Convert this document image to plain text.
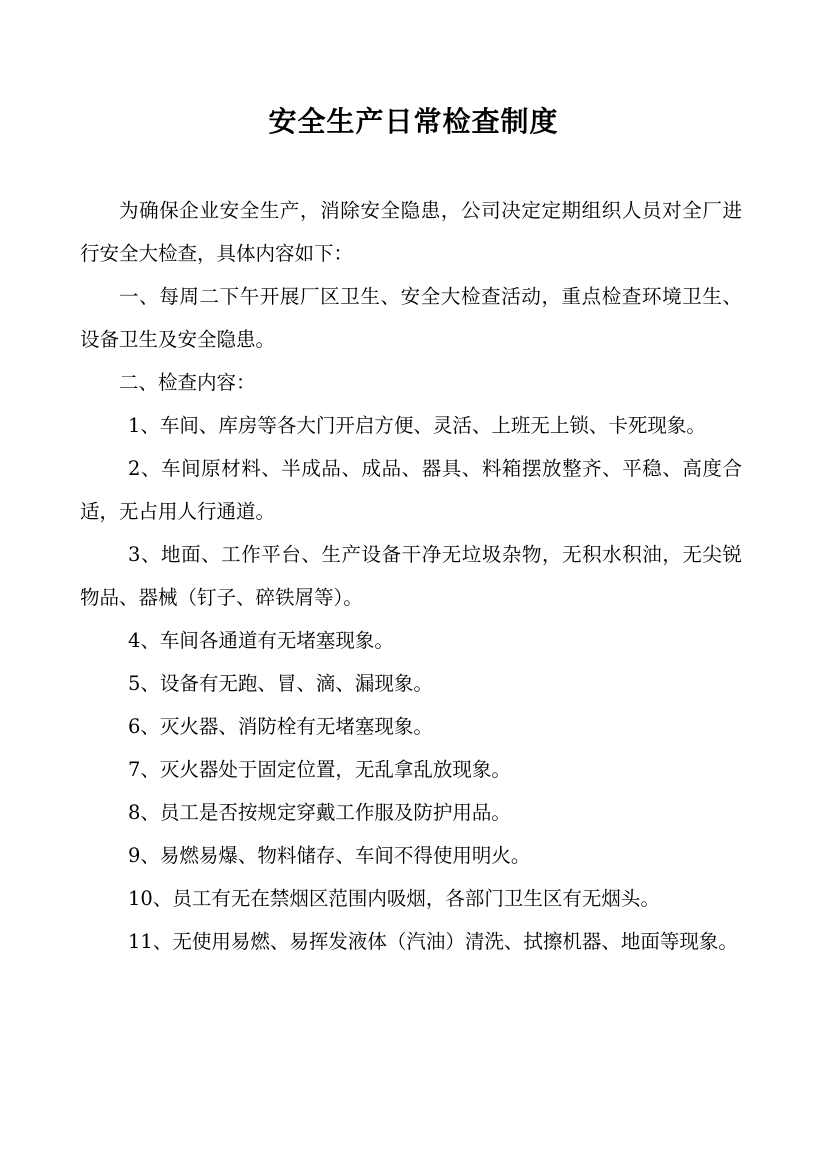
安全生产日常检查制度

为确保企业安全生产，消除安全隐患，公司决定定期组织人员对全厂进行安全大检查，具体内容如下：

一、每周二下午开展厂区卫生、安全大检查活动，重点检查环境卫生、设备卫生及安全隐患。

二、检查内容：

1、车间、库房等各大门开启方便、灵活、上班无上锁、卡死现象。

2、车间原材料、半成品、成品、器具、料箱摆放整齐、平稳、高度合适，无占用人行通道。

3、地面、工作平台、生产设备干净无垃圾杂物，无积水积油，无尖锐物品、器械（钉子、碎铁屑等）。

4、车间各通道有无堵塞现象。

5、设备有无跑、冒、滴、漏现象。

6、灭火器、消防栓有无堵塞现象。

7、灭火器处于固定位置，无乱拿乱放现象。

8、员工是否按规定穿戴工作服及防护用品。

9、易燃易爆、物料储存、车间不得使用明火。

10、员工有无在禁烟区范围内吸烟，各部门卫生区有无烟头。

11、无使用易燃、易挥发液体（汽油）清洗、拭擦机器、地面等现象。
